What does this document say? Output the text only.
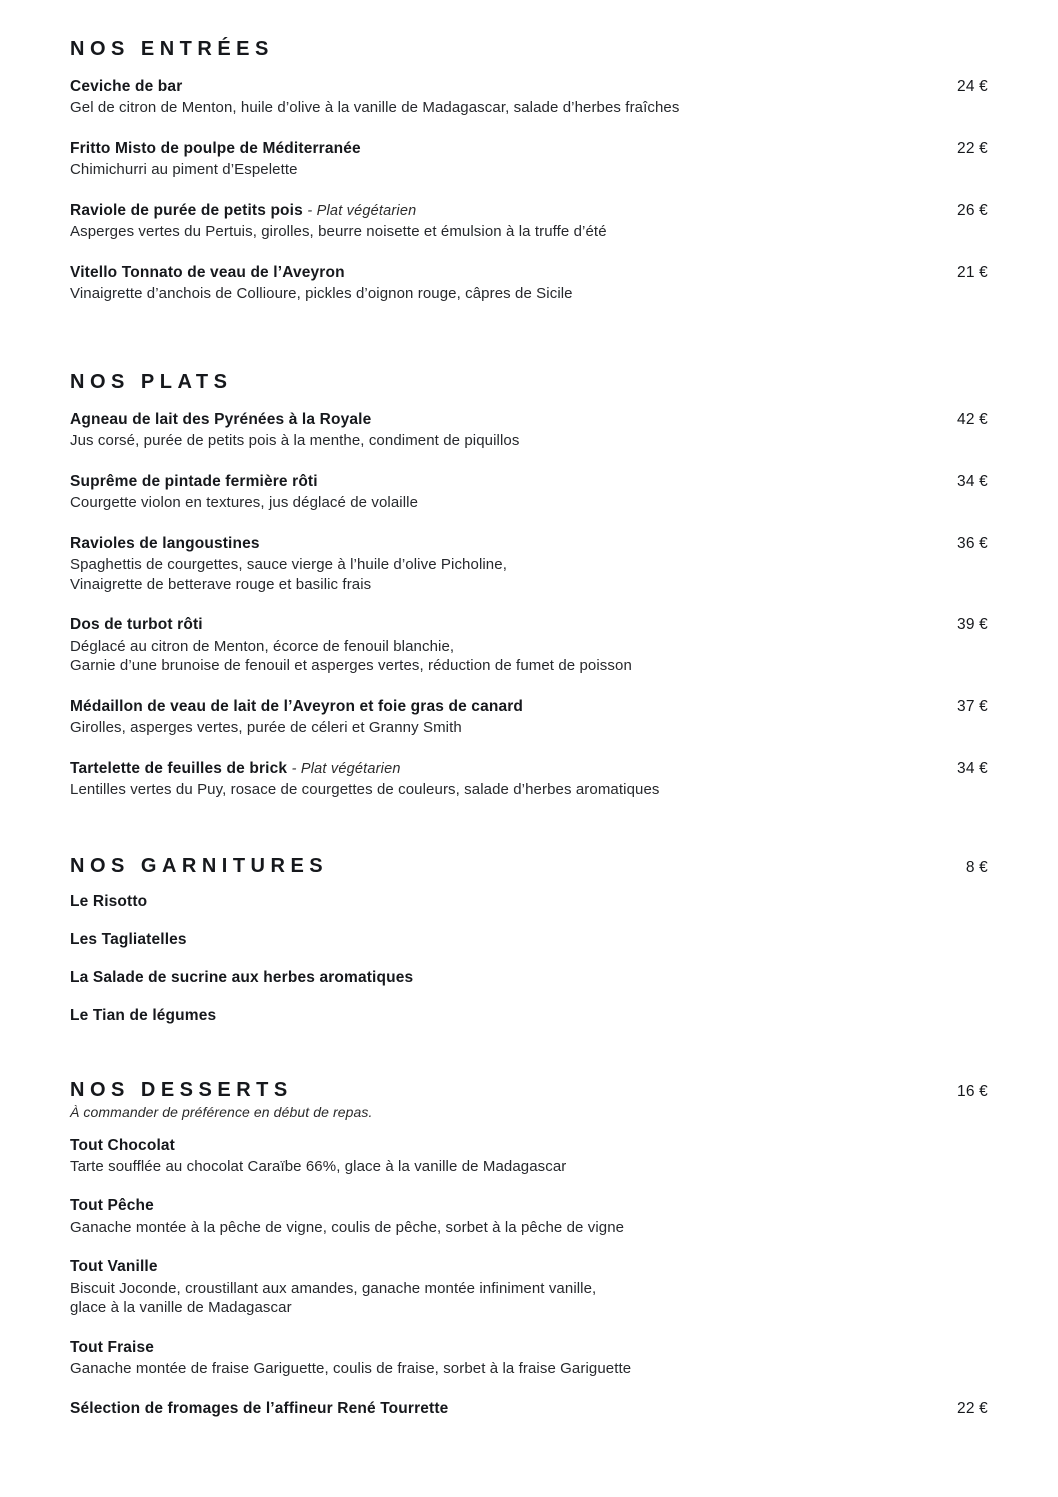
NOS ENTRÉES
Ceviche de bar	24 €
Gel de citron de Menton, huile d’olive à la vanille de Madagascar, salade d’herbes fraîches
Fritto Misto de poulpe de Méditerranée	22 €
Chimichurri au piment d’Espelette
Raviole de purée de petits pois - Plat végétarien	26 €
Asperges vertes du Pertuis, girolles, beurre noisette et émulsion à la truffe d’été
Vitello Tonnato de veau de l’Aveyron	21 €
Vinaigrette d’anchois de Collioure, pickles d’oignon rouge, câpres de Sicile
NOS PLATS
Agneau de lait des Pyrénées à la Royale	42 €
Jus corsé, purée de petits pois à la menthe, condiment de piquillos
Suprême de pintade fermière rôti	34 €
Courgette violon en textures, jus déglacé de volaille
Ravioles de langoustines	36 €
Spaghettis de courgettes, sauce vierge à l’huile d’olive Picholine,
Vinaigrette de betterave rouge et basilic frais
Dos de turbot rôti	39 €
Déglacé au citron de Menton, écorce de fenouil blanchie,
Garnie d’une brunoise de fenouil et asperges vertes, réduction de fumet de poisson
Médaillon de veau de lait de l’Aveyron et foie gras de canard	37 €
Girolles, asperges vertes, purée de céleri et Granny Smith
Tartelette de feuilles de brick - Plat végétarien	34 €
Lentilles vertes du Puy, rosace de courgettes de couleurs, salade d’herbes aromatiques
NOS GARNITURES	8 €
Le Risotto
Les Tagliatelles
La Salade de sucrine aux herbes aromatiques
Le Tian de légumes
NOS DESSERTS	16 €
À commander de préférence en début de repas.
Tout Chocolat
Tarte soufflée au chocolat Caraïbe 66%, glace à la vanille de Madagascar
Tout Pêche
Ganache montée à la pêche de vigne, coulis de pêche, sorbet à la pêche de vigne
Tout Vanille
Biscuit Joconde, croustillant aux amandes, ganache montée infiniment vanille,
glace à la vanille de Madagascar
Tout Fraise
Ganache montée de fraise Gariguette, coulis de fraise, sorbet à la fraise Gariguette
Sélection de fromages de l’affineur René Tourrette	22 €
